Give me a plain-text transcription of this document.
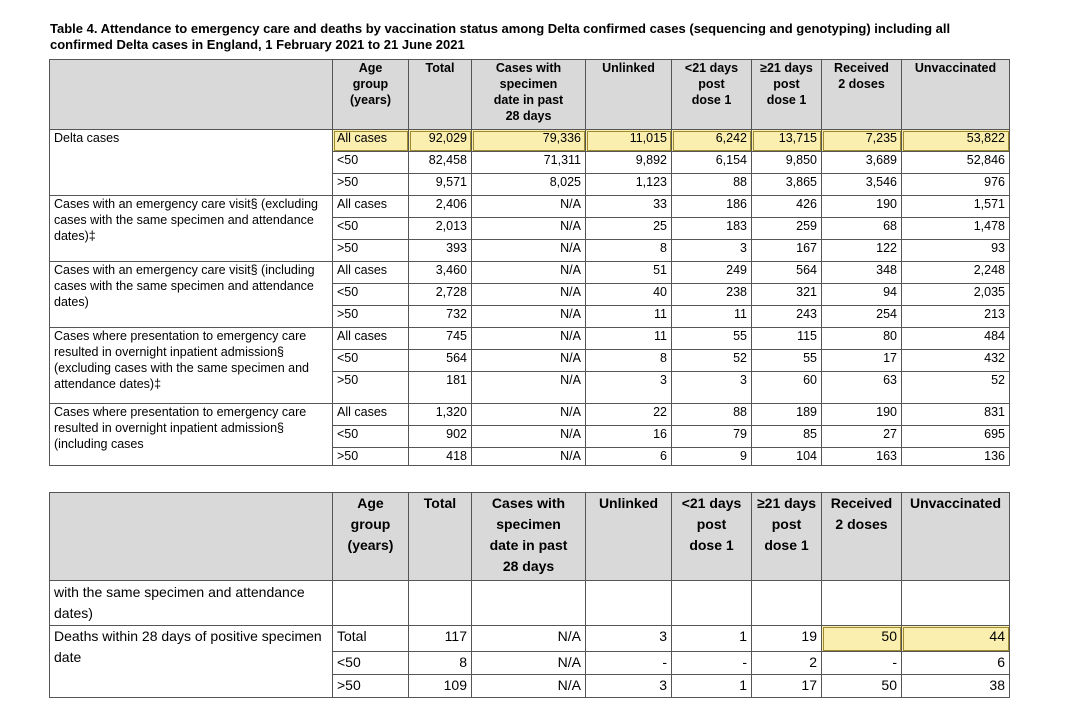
Table 4. Attendance to emergency care and deaths by vaccination status among Delta confirmed cases (sequencing and genotyping) including all confirmed Delta cases in England, 1 February 2021 to 21 June 2021

	Age
group
(years)	Total	Cases with
specimen
date in past
28 days	Unlinked	<21 days
post
dose 1	≥21 days
post
dose 1	Received
2 doses	Unvaccinated
Delta cases	All cases	92,029	79,336	11,015	6,242	13,715	7,235	53,822
	<50	82,458	71,311	9,892	6,154	9,850	3,689	52,846
	>50	9,571	8,025	1,123	88	3,865	3,546	976
Cases with an emergency care visit§ (excluding cases with the same specimen and attendance dates)‡	All cases	2,406	N/A	33	186	426	190	1,571
	<50	2,013	N/A	25	183	259	68	1,478
	>50	393	N/A	8	3	167	122	93
Cases with an emergency care visit§ (including cases with the same specimen and attendance dates)	All cases	3,460	N/A	51	249	564	348	2,248
	<50	2,728	N/A	40	238	321	94	2,035
	>50	732	N/A	11	11	243	254	213
Cases where presentation to emergency care resulted in overnight inpatient admission§ (excluding cases with the same specimen and attendance dates)‡	All cases	745	N/A	11	55	115	80	484
	<50	564	N/A	8	52	55	17	432
	>50	181	N/A	3	3	60	63	52
Cases where presentation to emergency care resulted in overnight inpatient admission§ (including cases	All cases	1,320	N/A	22	88	189	190	831
	<50	902	N/A	16	79	85	27	695
	>50	418	N/A	6	9	104	163	136
	Age
group
(years)	Total	Cases with
specimen
date in past
28 days	Unlinked	<21 days
post
dose 1	≥21 days
post
dose 1	Received
2 doses	Unvaccinated
with the same specimen and attendance dates)								
Deaths within 28 days of positive specimen date	Total	117	N/A	3	1	19	50	44
	<50	8	N/A	-	-	2	-	6
	>50	109	N/A	3	1	17	50	38
